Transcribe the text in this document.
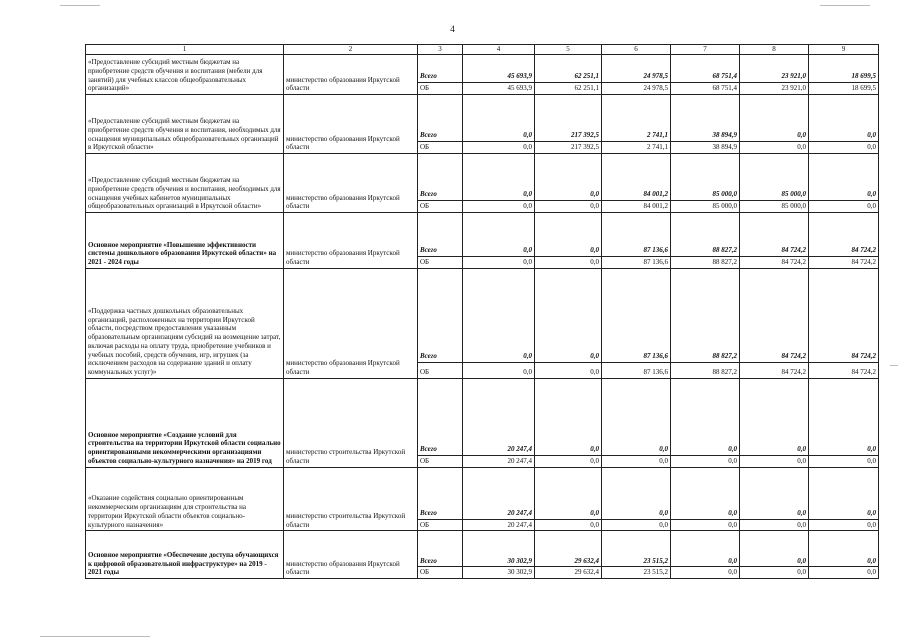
4
1	2	3	4	5	6	7	8	9
«Предоставление субсидий местным бюджетам на приобретение средств обучения и воспитания (мебели для занятий) для учебных классов общеобразовательных организаций»	министерство образования Иркутской области	Всего	45 693,9	62 251,1	24 978,5	68 751,4	23 921,0	18 699,5
		ОБ	45 693,9	62 251,1	24 978,5	68 751,4	23 921,0	18 699,5
«Предоставление субсидий местным бюджетам на приобретение средств обучения и воспитания, необходимых для оснащения муниципальных общеобразовательных организаций в Иркутской области»	министерство образования Иркутской области	Всего	0,0	217 392,5	2 741,1	38 894,9	0,0	0,0
		ОБ	0,0	217 392,5	2 741,1	38 894,9	0,0	0,0
«Предоставление субсидий местным бюджетам на приобретение средств обучения и воспитания, необходимых для оснащения учебных кабинетов муниципальных общеобразовательных организаций в Иркутской области»	министерство образования Иркутской области	Всего	0,0	0,0	84 001,2	85 000,0	85 000,0	0,0
		ОБ	0,0	0,0	84 001,2	85 000,0	85 000,0	0,0
Основное мероприятие «Повышение эффективности системы дошкольного образования Иркутской области» на 2021 - 2024 годы	министерство образования Иркутской области	Всего	0,0	0,0	87 136,6	88 827,2	84 724,2	84 724,2
		ОБ	0,0	0,0	87 136,6	88 827,2	84 724,2	84 724,2
«Поддержка частных дошкольных образовательных организаций, расположенных на территории Иркутской области, посредством предоставления указанным образовательным организациям субсидий на возмещение затрат, включая расходы на оплату труда, приобретение учебников и учебных пособий, средств обучения, игр, игрушек (за исключением расходов на содержание зданий и оплату коммунальных услуг)»	министерство образования Иркутской области	Всего	0,0	0,0	87 136,6	88 827,2	84 724,2	84 724,2
		ОБ	0,0	0,0	87 136,6	88 827,2	84 724,2	84 724,2
Основное мероприятие «Создание условий для строительства на территории Иркутской области социально ориентированными некоммерческими организациями объектов социально-культурного назначения» на 2019 год	министерство строительства Иркутской области	Всего	20 247,4	0,0	0,0	0,0	0,0	0,0
		ОБ	20 247,4	0,0	0,0	0,0	0,0	0,0
«Оказание содействия социально ориентированным некоммерческим организациям для строительства на территории Иркутской области объектов социально-культурного назначения»	министерство строительства Иркутской области	Всего	20 247,4	0,0	0,0	0,0	0,0	0,0
		ОБ	20 247,4	0,0	0,0	0,0	0,0	0,0
Основное мероприятие «Обеспечение доступа обучающихся к цифровой образовательной инфраструктуре» на 2019 - 2021 годы	министерство образования Иркутской области	Всего	30 302,9	29 632,4	23 515,2	0,0	0,0	0,0
		ОБ	30 302,9	29 632,4	23 515,2	0,0	0,0	0,0
